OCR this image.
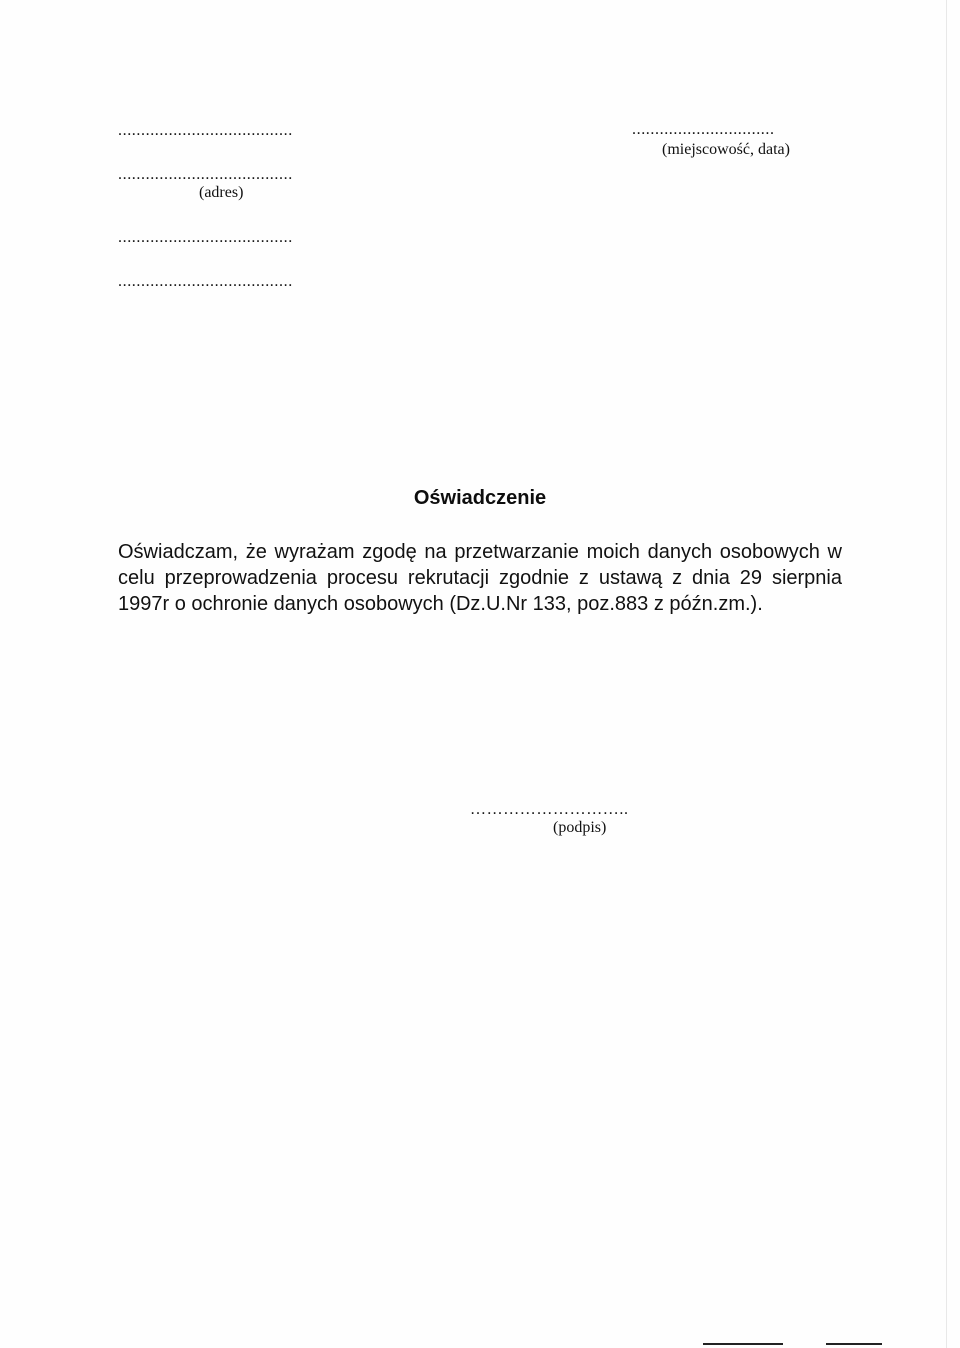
......................................
......................................
(adres)
......................................
......................................
...............................
(miejscowość, data)
Oświadczenie
Oświadczam, że wyrażam zgodę na przetwarzanie moich danych osobowych w celu przeprowadzenia procesu rekrutacji zgodnie z ustawą z dnia 29 sierpnia 1997r o ochronie danych osobowych (Dz.U.Nr 133, poz.883 z późn.zm.).
………………………..
(podpis)
